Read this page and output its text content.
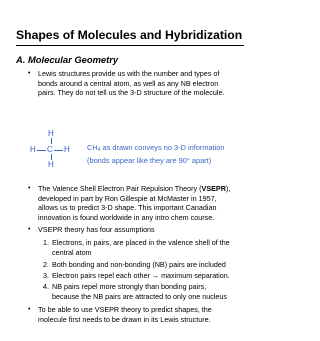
Shapes of Molecules and Hybridization
A. Molecular Geometry
• Lewis structures provide us with the number and types of
bonds around a central atom, as well as any NB electron
pairs. They do not tell us the 3-D structure of the molecule.
H
H C H
H
$CH_4$ as drawn conveys no 3-D information
(bonds appear like they are 90° apart)
• The Valence Shell Electron Pair Repulsion Theory (VSEPR),
developed in part by Ron Gillespie at McMaster in 1957,
allows us to predict 3-D shape. This important Canadian
innovation is found worldwide in any intro chem course.
• VSEPR theory has four assumptions
1. Electrons, in pairs, are placed in the valence shell of the
central atom
2. Both bonding and non-bonding (NB) pairs are included
3. Electron pairs repel each other → maximum separation.
4. NB pairs repel more strongly than bonding pairs,
because the NB pairs are attracted to only one nucleus
• To be able to use VSEPR theory to predict shapes, the
molecule first needs to be drawn in its Lewis structure.
